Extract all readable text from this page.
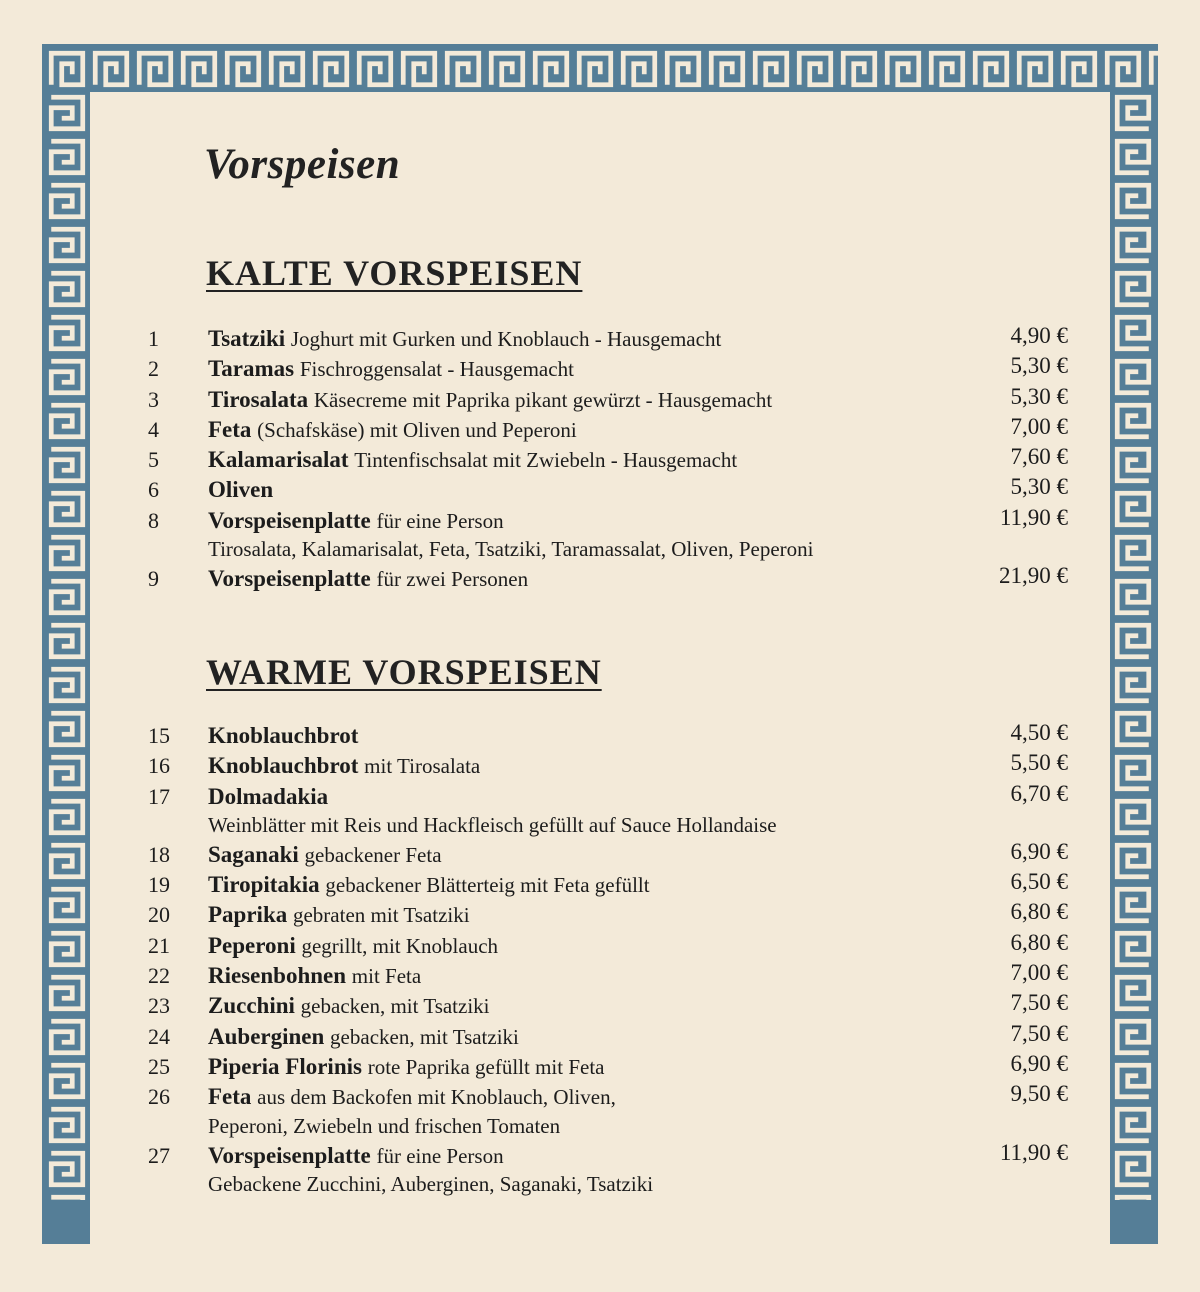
Vorspeisen
KALTE VORSPEISEN
1 Tsatziki Joghurt mit Gurken und Knoblauch - Hausgemacht	4,90 €
2 Taramas Fischroggensalat - Hausgemacht	5,30 €
3 Tirosalata Käsecreme mit Paprika pikant gewürzt - Hausgemacht	5,30 €
4 Feta (Schafskäse) mit Oliven und Peperoni	7,00 €
5 Kalamarisalat Tintenfischsalat mit Zwiebeln - Hausgemacht	7,60 €
6 Oliven	5,30 €
8 Vorspeisenplatte für eine Person	11,90 €
Tirosalata, Kalamarisalat, Feta, Tsatziki, Taramassalat, Oliven, Peperoni
9 Vorspeisenplatte für zwei Personen	21,90 €
WARME VORSPEISEN
15 Knoblauchbrot	4,50 €
16 Knoblauchbrot mit Tirosalata	5,50 €
17 Dolmadakia	6,70 €
Weinblätter mit Reis und Hackfleisch gefüllt auf Sauce Hollandaise
18 Saganaki gebackener Feta	6,90 €
19 Tiropitakia gebackener Blätterteig mit Feta gefüllt	6,50 €
20 Paprika gebraten mit Tsatziki	6,80 €
21 Peperoni gegrillt, mit Knoblauch	6,80 €
22 Riesenbohnen mit Feta	7,00 €
23 Zucchini gebacken, mit Tsatziki	7,50 €
24 Auberginen gebacken, mit Tsatziki	7,50 €
25 Piperia Florinis rote Paprika gefüllt mit Feta	6,90 €
26 Feta aus dem Backofen mit Knoblauch, Oliven,	9,50 €
Peperoni, Zwiebeln und frischen Tomaten
27 Vorspeisenplatte für eine Person	11,90 €
Gebackene Zucchini, Auberginen, Saganaki, Tsatziki
